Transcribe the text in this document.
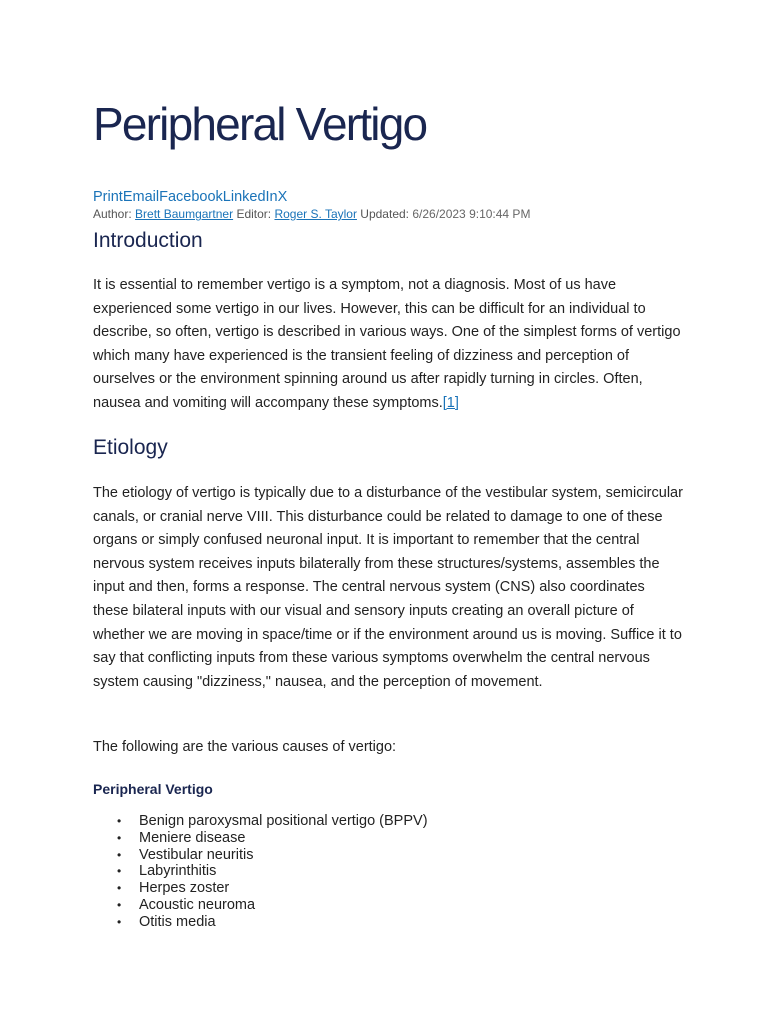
Peripheral Vertigo
PrintEmailFacebookLinkedInX
Author: Brett Baumgartner Editor: Roger S. Taylor Updated: 6/26/2023 9:10:44 PM
Introduction

It is essential to remember vertigo is a symptom, not a diagnosis. Most of us have experienced some vertigo in our lives. However, this can be difficult for an individual to describe, so often, vertigo is described in various ways. One of the simplest forms of vertigo which many have experienced is the transient feeling of dizziness and perception of ourselves or the environment spinning around us after rapidly turning in circles. Often, nausea and vomiting will accompany these symptoms.[1]

Etiology

The etiology of vertigo is typically due to a disturbance of the vestibular system, semicircular canals, or cranial nerve VIII. This disturbance could be related to damage to one of these organs or simply confused neuronal input. It is important to remember that the central nervous system receives inputs bilaterally from these structures/systems, assembles the input and then, forms a response. The central nervous system (CNS) also coordinates these bilateral inputs with our visual and sensory inputs creating an overall picture of whether we are moving in space/time or if the environment around us is moving. Suffice it to say that conflicting inputs from these various symptoms overwhelm the central nervous system causing "dizziness," nausea, and the perception of movement.

The following are the various causes of vertigo:

Peripheral Vertigo
• Benign paroxysmal positional vertigo (BPPV)
• Meniere disease
• Vestibular neuritis
• Labyrinthitis
• Herpes zoster
• Acoustic neuroma
• Otitis media
